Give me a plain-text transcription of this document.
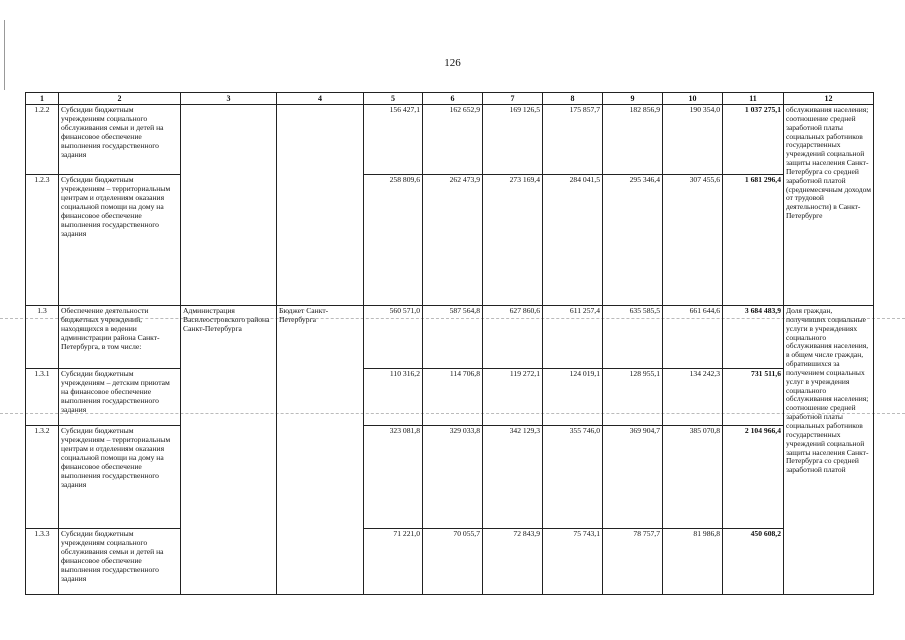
126
1	2	3	4	5	6	7	8	9	10	11	12
1.2.2	Субсидии бюджетным учреждениям социального обслуживания семьи и детей на финансовое обеспечение выполнения государственного задания			156 427,1	162 652,9	169 126,5	175 857,7	182 856,9	190 354,0	1 037 275,1	обслуживания населения; соотношение средней заработной платы социальных работников государственных учреждений социальной защиты населения Санкт-Петербурга со средней заработной платой (среднемесячным доходом от трудовой деятельности) в Санкт-Петербурге
1.2.3	Субсидии бюджетным учреждениям – территориальным центрам и отделениям оказания социальной помощи на дому на финансовое обеспечение выполнения государственного задания			258 809,6	262 473,9	273 169,4	284 041,5	295 346,4	307 455,6	1 681 296,4	
1.3	Обеспечение деятельности бюджетных учреждений, находящихся в ведении администрации района Санкт-Петербурга, в том числе:	Администрация Василеостровского района Санкт-Петербурга	Бюджет Санкт-Петербурга	560 571,0	587 564,8	627 860,6	611 257,4	635 585,5	661 644,6	3 684 483,9	Доля граждан, получивших социальные услуги в учреждениях социального обслуживания населения, в общем числе граждан, обратившихся за получением социальных услуг в учреждения социального обслуживания населения; соотношение средней заработной платы социальных работников государственных учреждений социальной защиты населения Санкт-Петербурга со средней заработной платой
1.3.1	Субсидии бюджетным учреждениям – детским приютам на финансовое обеспечение выполнения государственного задания			110 316,2	114 706,8	119 272,1	124 019,1	128 955,1	134 242,3	731 511,6	
1.3.2	Субсидии бюджетным учреждениям – территориальным центрам и отделениям оказания социальной помощи на дому на финансовое обеспечение выполнения государственного задания			323 081,8	329 033,8	342 129,3	355 746,0	369 904,7	385 070,8	2 104 966,4	
1.3.3	Субсидии бюджетным учреждениям социального обслуживания семьи и детей на финансовое обеспечение выполнения государственного задания			71 221,0	70 055,7	72 843,9	75 743,1	78 757,7	81 986,8	450 608,2	
